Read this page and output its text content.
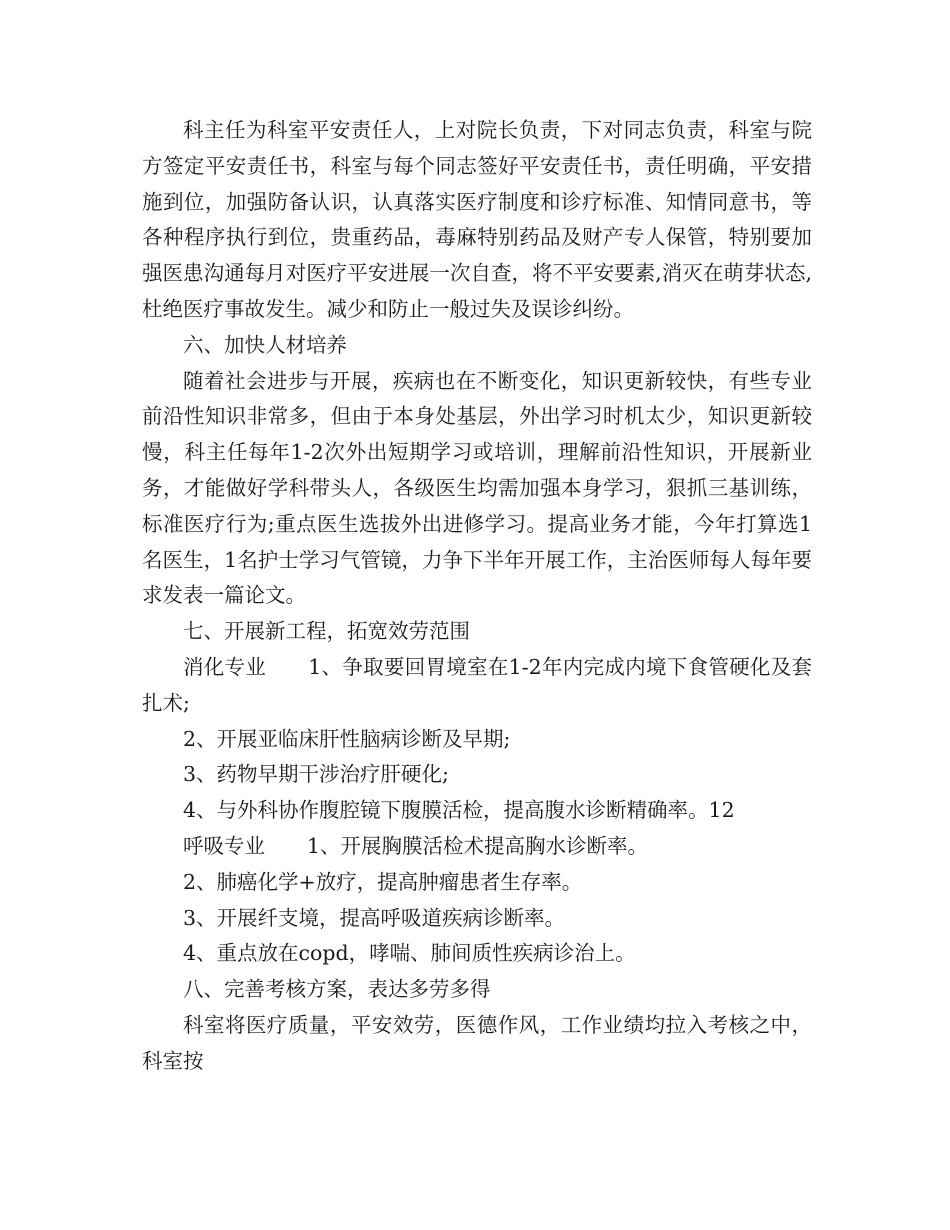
科主任为科室平安责任人，上对院长负责，下对同志负责，科室与院方签定平安责任书，科室与每个同志签好平安责任书，责任明确，平安措施到位，加强防备认识，认真落实医疗制度和诊疗标准、知情同意书，等各种程序执行到位，贵重药品，毒麻特别药品及财产专人保管，特别要加强医患沟通每月对医疗平安进展一次自查，将不平安要素,消灭在萌芽状态,杜绝医疗事故发生。减少和防止一般过失及误诊纠纷。

六、加快人材培养

随着社会进步与开展，疾病也在不断变化，知识更新较快，有些专业前沿性知识非常多，但由于本身处基层，外出学习时机太少，知识更新较慢，科主任每年1-2次外出短期学习或培训，理解前沿性知识，开展新业务，才能做好学科带头人，各级医生均需加强本身学习，狠抓三基训练，标准医疗行为;重点医生选拔外出进修学习。提高业务才能，今年打算选1名医生，1名护士学习气管镜，力争下半年开展工作，主治医师每人每年要求发表一篇论文。

七、开展新工程，拓宽效劳范围

消化专业 1、争取要回胃境室在1-2年内完成内境下食管硬化及套扎术;

2、开展亚临床肝性脑病诊断及早期;

3、药物早期干涉治疗肝硬化;

4、与外科协作腹腔镜下腹膜活检，提高腹水诊断精确率。12

呼吸专业 1、开展胸膜活检术提高胸水诊断率。

2、肺癌化学+放疗，提高肿瘤患者生存率。

3、开展纤支境，提高呼吸道疾病诊断率。

4、重点放在copd，哮喘、肺间质性疾病诊治上。

八、完善考核方案，表达多劳多得

科室将医疗质量，平安效劳，医德作风，工作业绩均拉入考核之中，科室按
